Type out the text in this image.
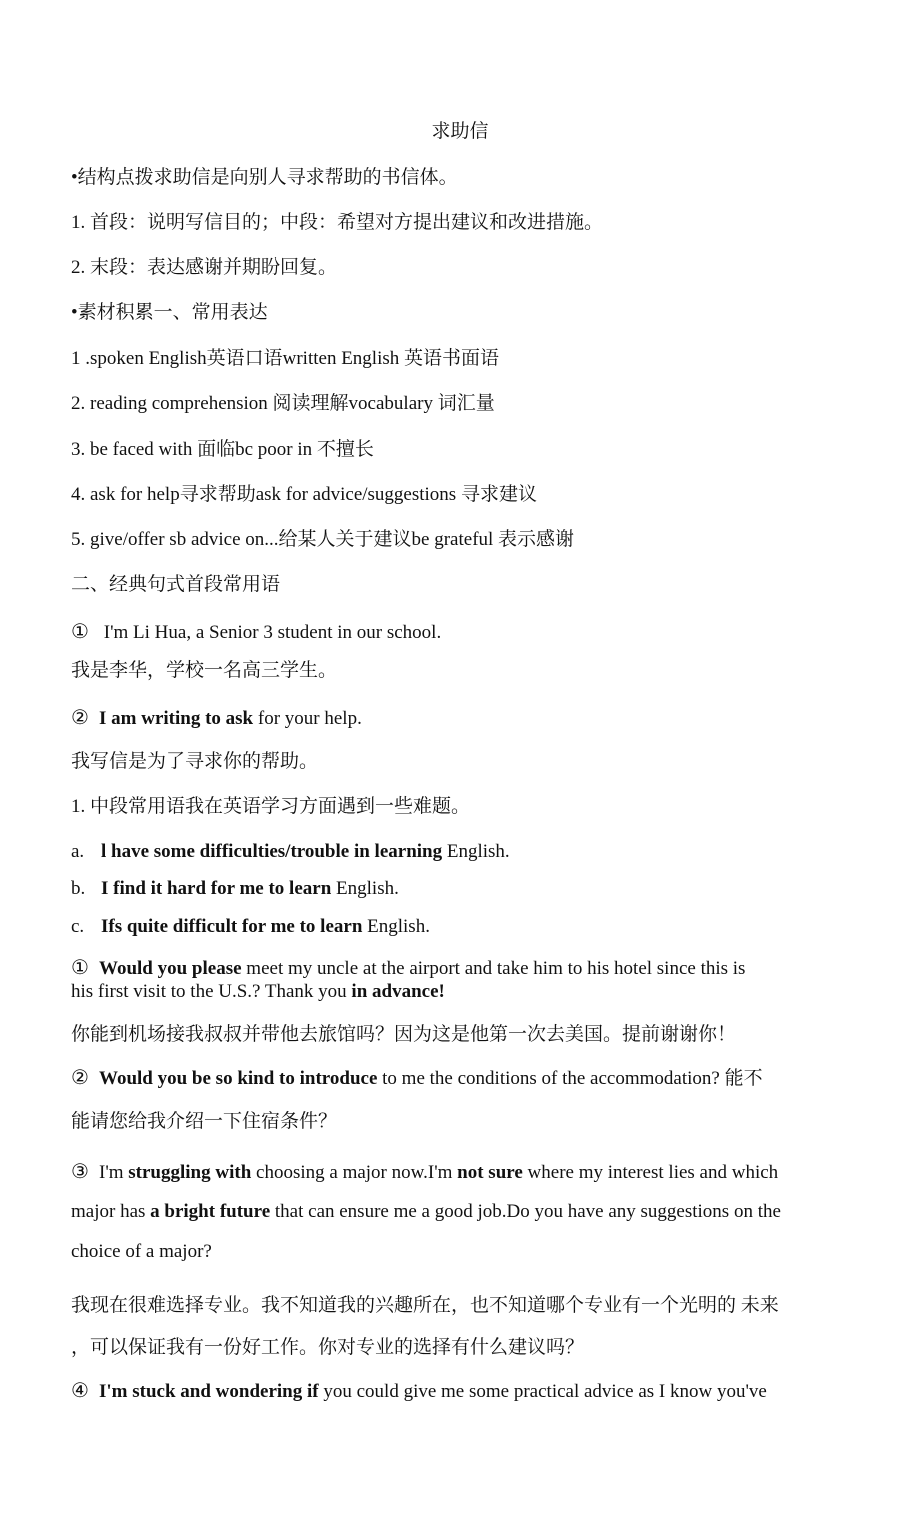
求助信
•结构点拨求助信是向别人寻求帮助的书信体。
1. 首段：说明写信目的；中段：希望对方提出建议和改进措施。
2. 末段：表达感谢并期盼回复。
•素材积累一、常用表达
1 .spoken English英语口语written English 英语书面语
2. reading comprehension 阅读理解vocabulary 词汇量
3. be faced with 面临bc poor in 不擅长
4. ask for help寻求帮助ask for advice/suggestions 寻求建议
5. give/offer sb advice on...给某人关于建议be grateful 表示感谢
二、经典句式首段常用语
① I'm Li Hua, a Senior 3 student in our school.
我是李华，学校一名高三学生。
② I am writing to ask for your help.
我写信是为了寻求你的帮助。
1. 中段常用语我在英语学习方面遇到一些难题。
a. l have some difficulties/trouble in learning English.
b. I find it hard for me to learn English.
c. Ifs quite difficult for me to learn English.
① Would you please meet my uncle at the airport and take him to his hotel since this is
his first visit to the U.S.? Thank you in advance!
你能到机场接我叔叔并带他去旅馆吗？因为这是他第一次去美国。提前谢谢你！
② Would you be so kind to introduce to me the conditions of the accommodation? 能不
能请您给我介绍一下住宿条件？
③ I'm struggling with choosing a major now.I'm not sure where my interest lies and which
major has a bright future that can ensure me a good job.Do you have any suggestions on the
choice of a major?
我现在很难选择专业。我不知道我的兴趣所在，也不知道哪个专业有一个光明的 未来
，可以保证我有一份好工作。你对专业的选择有什么建议吗？
④ I'm stuck and wondering if you could give me some practical advice as I know you've
